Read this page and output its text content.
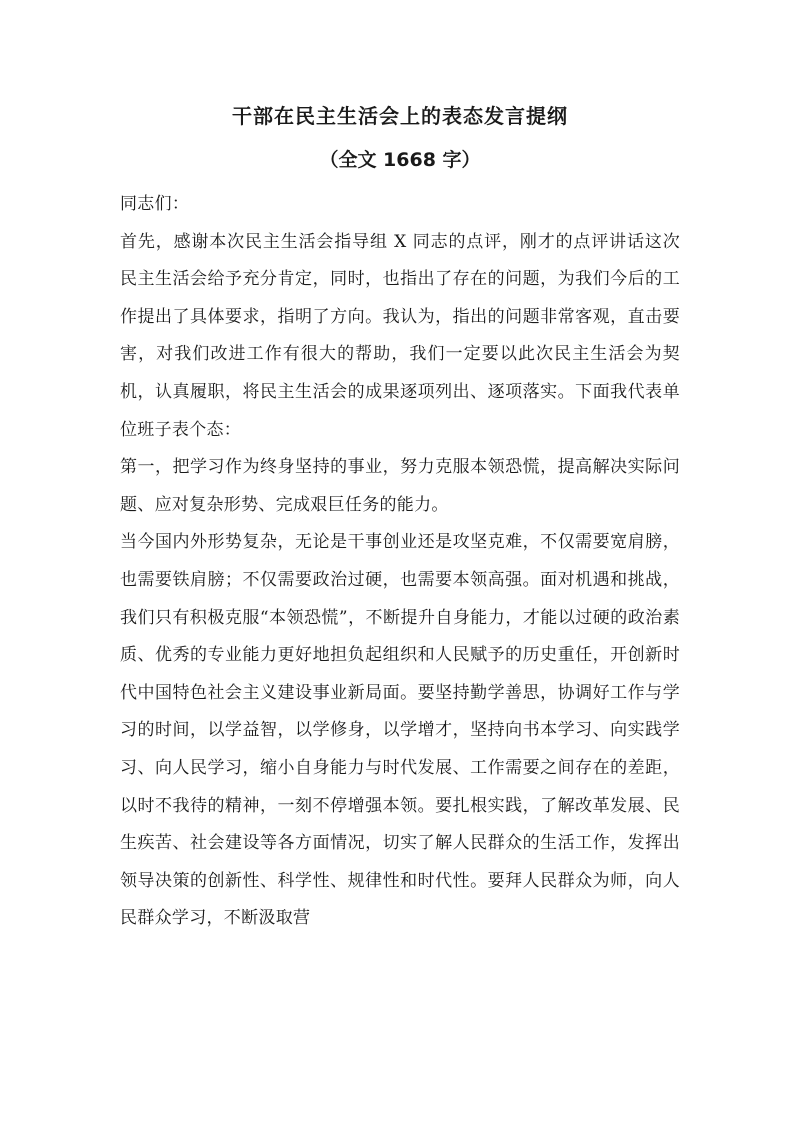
干部在民主生活会上的表态发言提纲
（全文 1668 字）

同志们：

首先，感谢本次民主生活会指导组 X 同志的点评，刚才的点评讲话这次民主生活会给予充分肯定，同时，也指出了存在的问题，为我们今后的工作提出了具体要求，指明了方向。我认为，指出的问题非常客观，直击要害，对我们改进工作有很大的帮助，我们一定要以此次民主生活会为契机，认真履职，将民主生活会的成果逐项列出、逐项落实。下面我代表单位班子表个态：

第一，把学习作为终身坚持的事业，努力克服本领恐慌，提高解决实际问题、应对复杂形势、完成艰巨任务的能力。

当今国内外形势复杂，无论是干事创业还是攻坚克难，不仅需要宽肩膀，也需要铁肩膀；不仅需要政治过硬，也需要本领高强。面对机遇和挑战，我们只有积极克服“本领恐慌”，不断提升自身能力，才能以过硬的政治素质、优秀的专业能力更好地担负起组织和人民赋予的历史重任，开创新时代中国特色社会主义建设事业新局面。要坚持勤学善思，协调好工作与学习的时间，以学益智，以学修身，以学增才，坚持向书本学习、向实践学习、向人民学习，缩小自身能力与时代发展、工作需要之间存在的差距，以时不我待的精神，一刻不停增强本领。要扎根实践，了解改革发展、民生疾苦、社会建设等各方面情况，切实了解人民群众的生活工作，发挥出领导决策的创新性、科学性、规律性和时代性。要拜人民群众为师，向人民群众学习，不断汲取营
